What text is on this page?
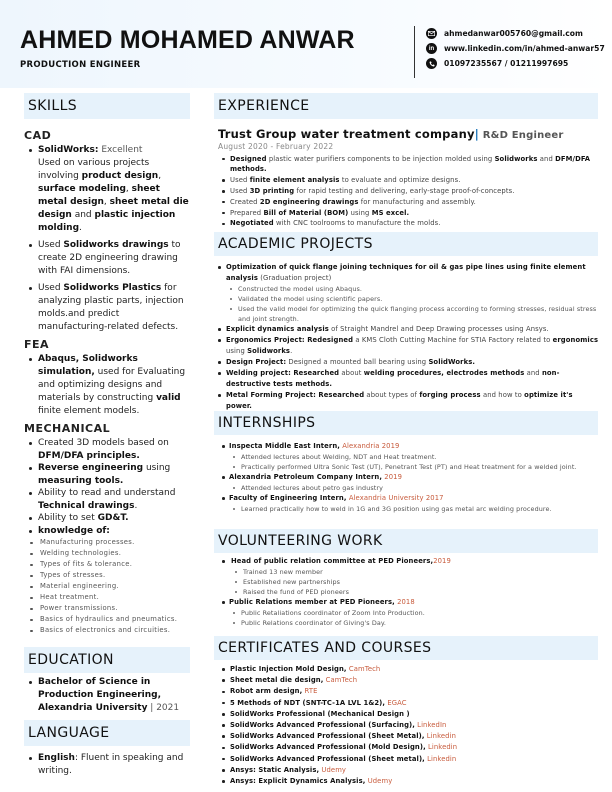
AHMED MOHAMED ANWAR
PRODUCTION ENGINEER
ahmedanwar005760@gmail.com
in	www.linkedin.com/in/ahmed-anwar57
01097235567 / 01211997695
SKILLS
CAD
SolidWorks: Excellent
Used on various projects involving product design, surface modeling, sheet metal design, sheet metal die design and plastic injection molding.
Used Solidworks drawings to create 2D engineering drawing with FAI dimensions.
Used Solidworks Plastics for analyzing plastic parts, injection molds.and predict manufacturing-related defects.
FEA
Abaqus, Solidworks simulation, used for Evaluating and optimizing designs and materials by constructing valid finite element models.
MECHANICAL
Created 3D models based on DFM/DFA principles.
Reverse engineering using measuring tools.
Ability to read and understand Technical drawings.
Ability to set GD&T.
knowledge of:
Manufacturing processes.
Welding technologies.
Types of fits & tolerance.
Types of stresses.
Material engineering.
Heat treatment.
Power transmissions.
Basics of hydraulics and pneumatics.
Basics of electronics and circuities.
EDUCATION
Bachelor of Science in Production Engineering, Alexandria University | 2021
LANGUAGE
English: Fluent in speaking and writing.
EXPERIENCE
Trust Group water treatment company| R&D Engineer
August 2020 - February 2022
Designed plastic water purifiers components to be injection molded using Solidworks and DFM/DFA methods.
Used finite element analysis to evaluate and optimize designs.
Used 3D printing for rapid testing and delivering, early-stage proof-of-concepts.
Created 2D engineering drawings for manufacturing and assembly.
Prepared Bill of Material (BOM) using MS excel.
Negotiated with CNC toolrooms to manufacture the molds.
ACADEMIC PROJECTS
Optimization of quick flange joining techniques for oil & gas pipe lines using finite element analysis (Graduation project)
Constructed the model using Abaqus.
Validated the model using scientific papers.
Used the valid model for optimizing the quick flanging process according to forming stresses, residual stress and joint strength.
Explicit dynamics analysis of Straight Mandrel and Deep Drawing processes using Ansys.
Ergonomics Project: Redesigned a KMS Cloth Cutting Machine for STIA Factory related to ergonomics using Solidworks.
Design Project: Designed a mounted ball bearing using SolidWorks.
Welding project: Researched about welding procedures, electrodes methods and non-destructive tests methods.
Metal Forming Project: Researched about types of forging process and how to optimize it's power.
INTERNSHIPS
Inspecta Middle East Intern, Alexandria 2019
Attended lectures about Welding, NDT and Heat treatment.
Practically performed Ultra Sonic Test (UT), Penetrant Test (PT) and Heat treatment for a welded joint.
Alexandria Petroleum Company Intern, 2019
Attended lectures about petro gas industry
Faculty of Engineering Intern, Alexandria University 2017
Learned practically how to weld in 1G and 3G position using gas metal arc welding procedure.
VOLUNTEERING WORK
Head of public relation committee at PED Pioneers,2019
Trained 13 new member
Established new partnerships
Raised the fund of PED pioneers
Public Relations member at PED Pioneers, 2018
Public Retaliations coordinator of Zoom Into Production.
Public Relations coordinator of Giving's Day.
CERTIFICATES AND COURSES
Plastic Injection Mold Design, CamTech
Sheet metal die design, CamTech
Robot arm design, RTE
5 Methods of NDT (SNT-TC-1A LVL 1&2), EGAC
SolidWorks Professional (Mechanical Design )
SolidWorks Advanced Professional (Surfacing), LinkedIn
SolidWorks Advanced Professional (Sheet Metal), Linkedin
SolidWorks Advanced Professional (Mold Design), Linkedin
SolidWorks Advanced Professional (Sheet metal), Linkedin
Ansys: Static Analysis, Udemy
Ansys: Explicit Dynamics Analysis, Udemy
